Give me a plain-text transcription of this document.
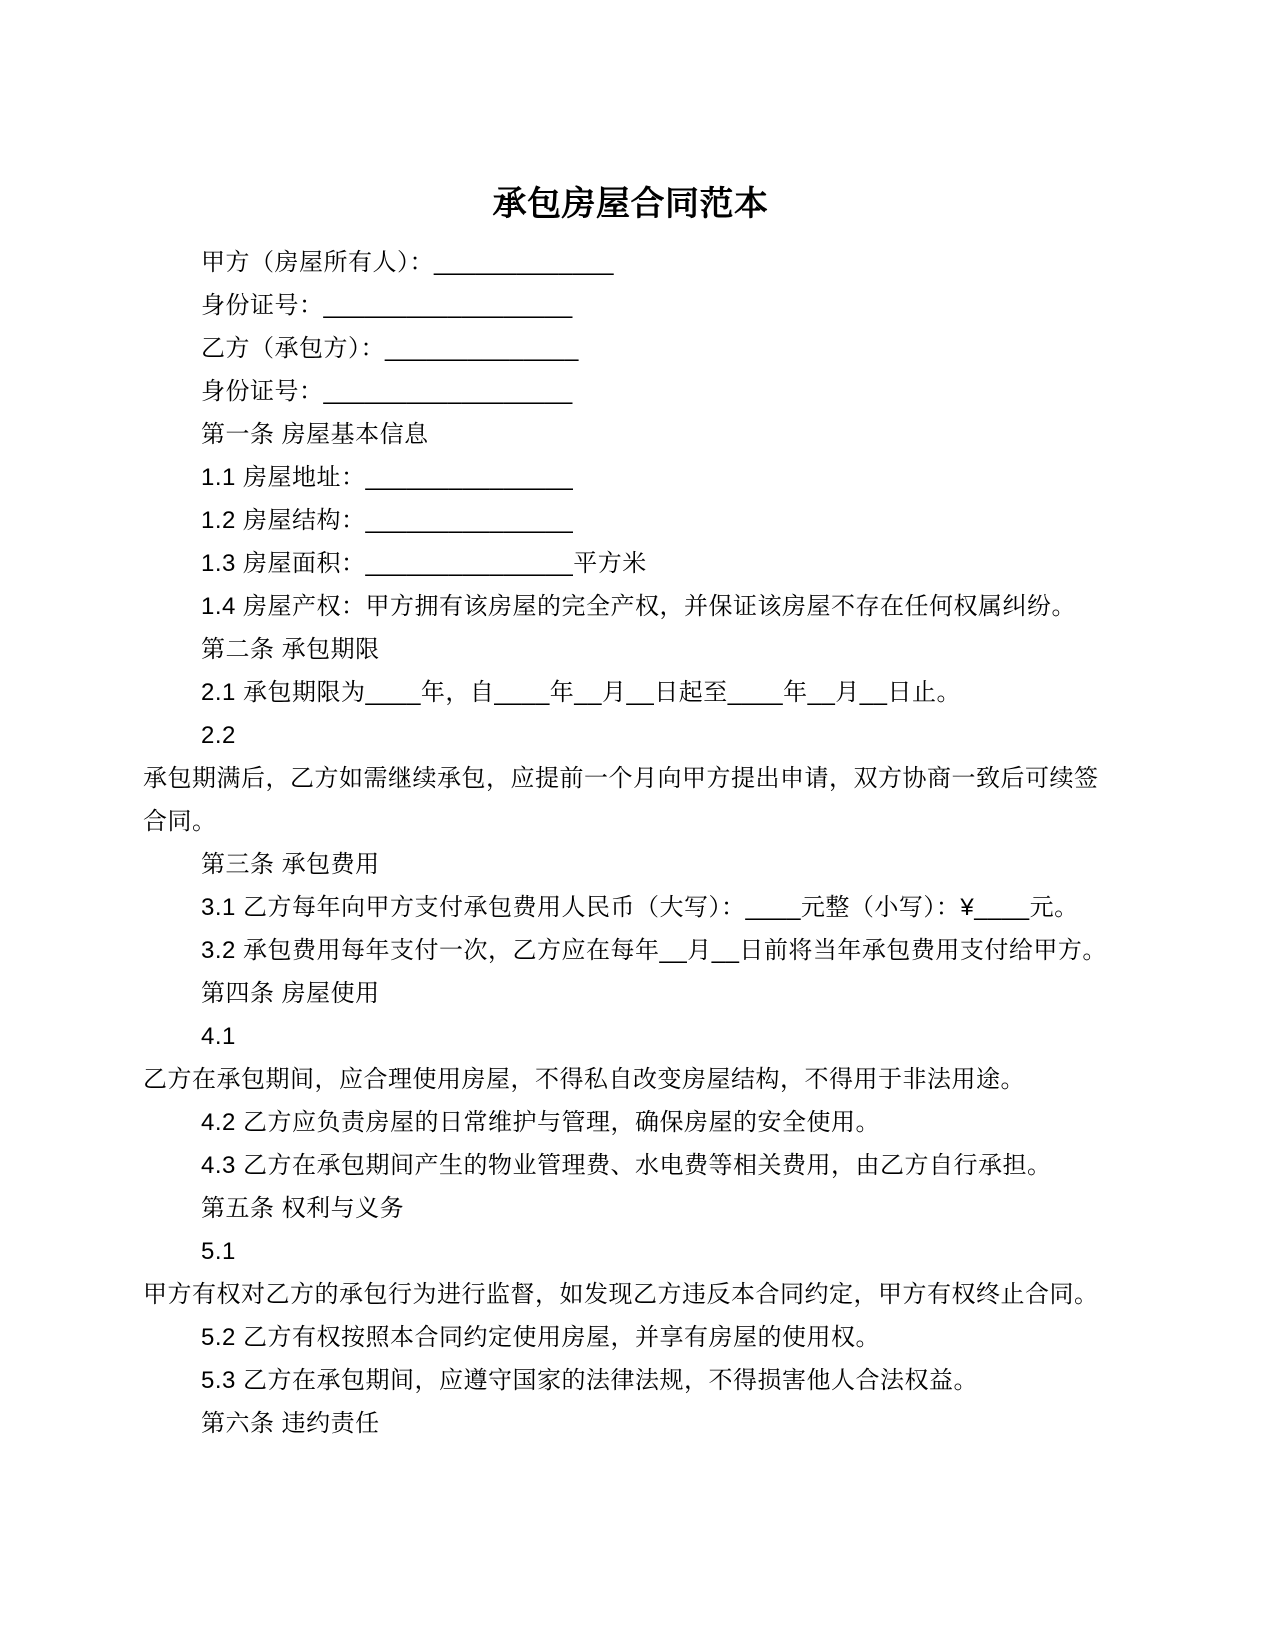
承包房屋合同范本

甲方（房屋所有人）：_____________

身份证号：__________________

乙方（承包方）：______________

身份证号：__________________

第一条 房屋基本信息

1.1 房屋地址：_______________

1.2 房屋结构：_______________

1.3 房屋面积：_______________平方米

1.4 房屋产权：甲方拥有该房屋的完全产权，并保证该房屋不存在任何权属纠纷。

第二条 承包期限

2.1 承包期限为____年，自____年__月__日起至____年__月__日止。

2.2

承包期满后，乙方如需继续承包，应提前一个月向甲方提出申请，双方协商一致后可续签合同。

第三条 承包费用

3.1 乙方每年向甲方支付承包费用人民币（大写）：____元整（小写）：¥____元。

3.2 承包费用每年支付一次，乙方应在每年__月__日前将当年承包费用支付给甲方。

第四条 房屋使用

4.1

乙方在承包期间，应合理使用房屋，不得私自改变房屋结构，不得用于非法用途。

4.2 乙方应负责房屋的日常维护与管理，确保房屋的安全使用。

4.3 乙方在承包期间产生的物业管理费、水电费等相关费用，由乙方自行承担。

第五条 权利与义务

5.1

甲方有权对乙方的承包行为进行监督，如发现乙方违反本合同约定，甲方有权终止合同。

5.2 乙方有权按照本合同约定使用房屋，并享有房屋的使用权。

5.3 乙方在承包期间，应遵守国家的法律法规，不得损害他人合法权益。

第六条 违约责任
